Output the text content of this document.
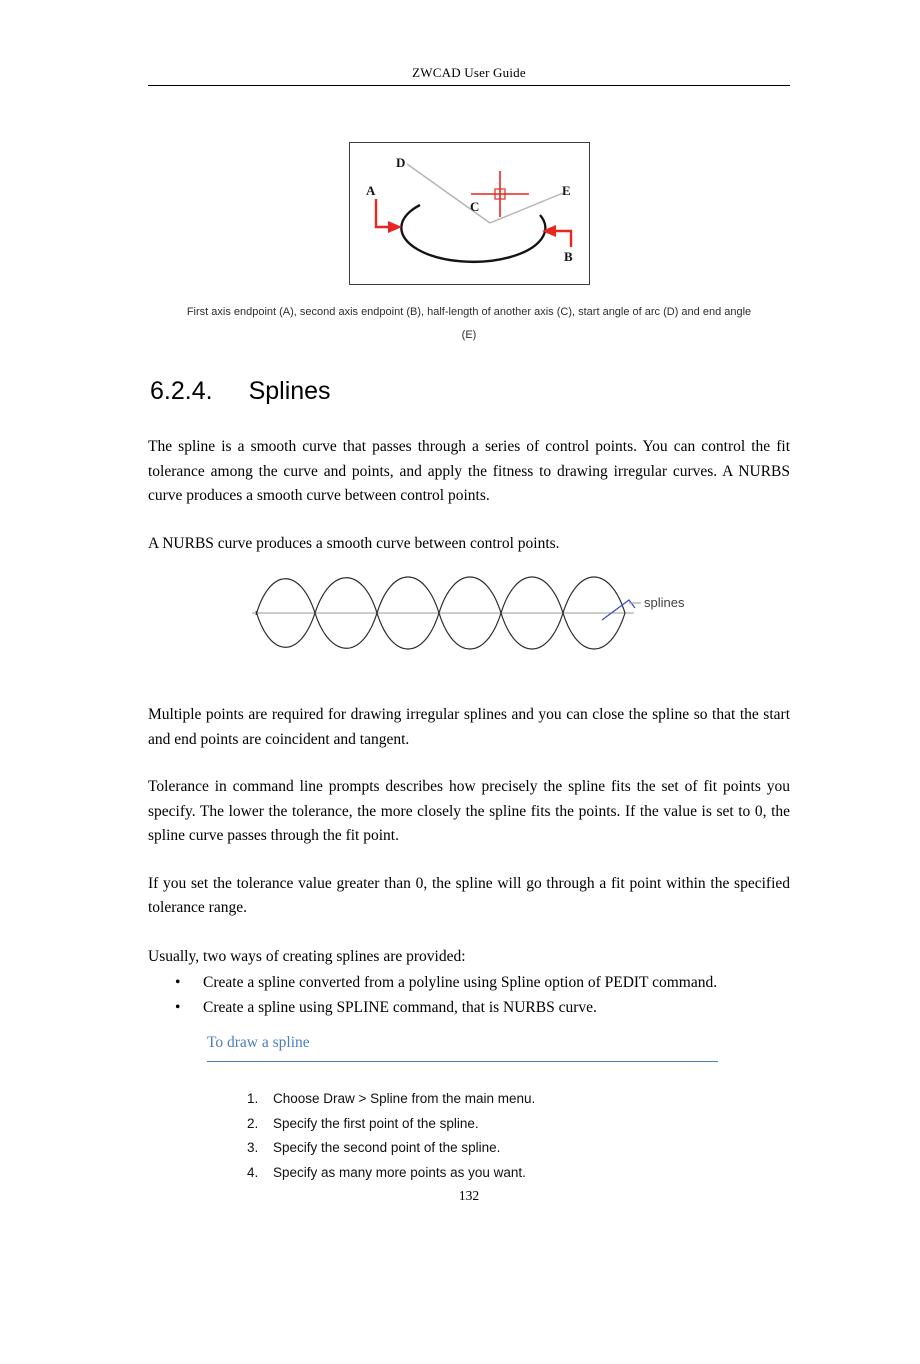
ZWCAD User Guide
D
A	E
C
B
First axis endpoint (A), second axis endpoint (B), half-length of another axis (C), start angle of arc (D) and end angle
(E)
6.2.4. Splines

The spline is a smooth curve that passes through a series of control points. You can control the fit tolerance among the curve and points, and apply the fitness to drawing irregular curves. A NURBS curve produces a smooth curve between control points.

A NURBS curve produces a smooth curve between control points.

splines

Multiple points are required for drawing irregular splines and you can close the spline so that the start and end points are coincident and tangent.

Tolerance in command line prompts describes how precisely the spline fits the set of fit points you specify. The lower the tolerance, the more closely the spline fits the points. If the value is set to 0, the spline curve passes through the fit point.

If you set the tolerance value greater than 0, the spline will go through a fit point within the specified tolerance range.

Usually, two ways of creating splines are provided:

•	Create a spline converted from a polyline using Spline option of PEDIT command.
•	Create a spline using SPLINE command, that is NURBS curve.
To draw a spline
1.	Choose Draw > Spline from the main menu.
2.	Specify the first point of the spline.
3.	Specify the second point of the spline.
4.	Specify as many more points as you want.
132
